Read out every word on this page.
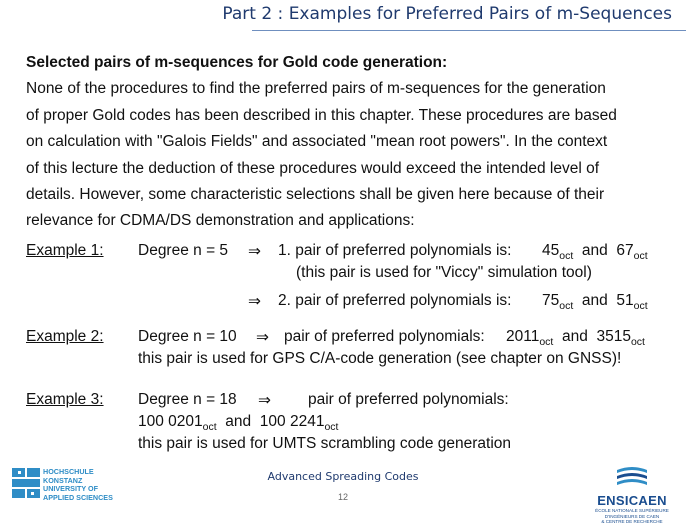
Part 2 : Examples for Preferred Pairs of m-Sequences

Selected pairs of m-sequences for Gold code generation:

None of the procedures to find the preferred pairs of m-sequences for the generation

of proper Gold codes has been described in this chapter. These procedures are based

on calculation with "Galois Fields" and associated "mean root powers". In the context

of this lecture the deduction of these procedures would exceed the intended level of

details. However, some characteristic selections shall be given here because of their

relevance for CDMA/DS demonstration and applications:

Example 1: Degree n = 5 ⇒ 1. pair of preferred polynomials is: $45_{oct}$ and $67_{oct}$
(this pair is used for "Viccy" simulation tool)
⇒ 2. pair of preferred polynomials is: $75_{oct}$ and $51_{oct}$
Example 2: Degree n = 10 ⇒ pair of preferred polynomials: $2011_{oct}$ and $3515_{oct}$
this pair is used for GPS C/A-code generation (see chapter on GNSS)!
Example 3: Degree n = 18 ⇒ pair of preferred polynomials:
100 $0201_{oct}$ and 100 $2241_{oct}$
this pair is used for UMTS scrambling code generation
HOCHSCHULE
KONSTANZ
UNIVERSITY OF
APPLIED SCIENCES
Advanced Spreading Codes
12	ENSICAEN
ÉCOLE NATIONALE SUPÉRIEURE D'INGÉNIEURS DE CAEN
& CENTRE DE RECHERCHE
